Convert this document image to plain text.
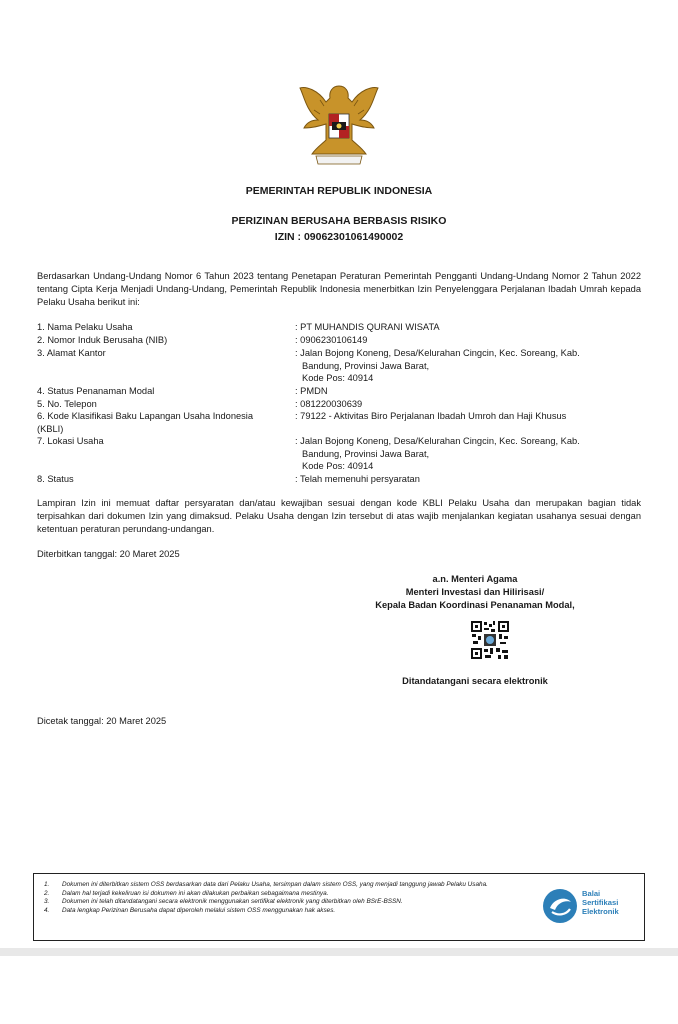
PEMERINTAH REPUBLIK INDONESIA
PERIZINAN BERUSAHA BERBASIS RISIKO
IZIN : 09062301061490002
Berdasarkan Undang-Undang Nomor 6 Tahun 2023 tentang Penetapan Peraturan Pemerintah Pengganti Undang-Undang Nomor 2 Tahun 2022 tentang Cipta Kerja Menjadi Undang-Undang, Pemerintah Republik Indonesia menerbitkan Izin Penyelenggara Perjalanan Ibadah Umrah kepada Pelaku Usaha berikut ini:
1. Nama Pelaku Usaha	: PT MUHANDIS QURANI WISATA
2. Nomor Induk Berusaha (NIB)	: 0906230106149
3. Alamat Kantor	: Jalan Bojong Koneng, Desa/Kelurahan Cingcin, Kec. Soreang, Kab.
Bandung, Provinsi Jawa Barat,
Kode Pos: 40914
4. Status Penanaman Modal	: PMDN
5. No. Telepon	: 081220030639
6. Kode Klasifikasi Baku Lapangan Usaha Indonesia
(KBLI)
: 79122 - Aktivitas Biro Perjalanan Ibadah Umroh dan Haji Khusus
7. Lokasi Usaha	: Jalan Bojong Koneng, Desa/Kelurahan Cingcin, Kec. Soreang, Kab.
Bandung, Provinsi Jawa Barat,
Kode Pos: 40914
8. Status	: Telah memenuhi persyaratan
Lampiran Izin ini memuat daftar persyaratan dan/atau kewajiban sesuai dengan kode KBLI Pelaku Usaha dan merupakan bagian tidak terpisahkan dari dokumen Izin yang dimaksud. Pelaku Usaha dengan Izin tersebut di atas wajib menjalankan kegiatan usahanya sesuai dengan ketentuan peraturan perundang-undangan.
Diterbitkan tanggal: 20 Maret 2025
a.n. Menteri Agama
Menteri Investasi dan Hilirisasi/
Kepala Badan Koordinasi Penanaman Modal,
Ditandatangani secara elektronik
Dicetak tanggal: 20 Maret 2025
1. Dokumen ini diterbitkan sistem OSS berdasarkan data dari Pelaku Usaha, tersimpan dalam sistem OSS, yang menjadi tanggung jawab Pelaku Usaha.
2. Dalam hal terjadi kekeliruan isi dokumen ini akan dilakukan perbaikan sebagaimana mestinya.
3. Dokumen ini telah ditandatangani secara elektronik menggunakan sertifikat elektronik yang diterbitkan oleh BSrE-BSSN.
4. Data lengkap Perizinan Berusaha dapat diperoleh melalui sistem OSS menggunakan hak akses.
Balai
Sertifikasi
Elektronik
